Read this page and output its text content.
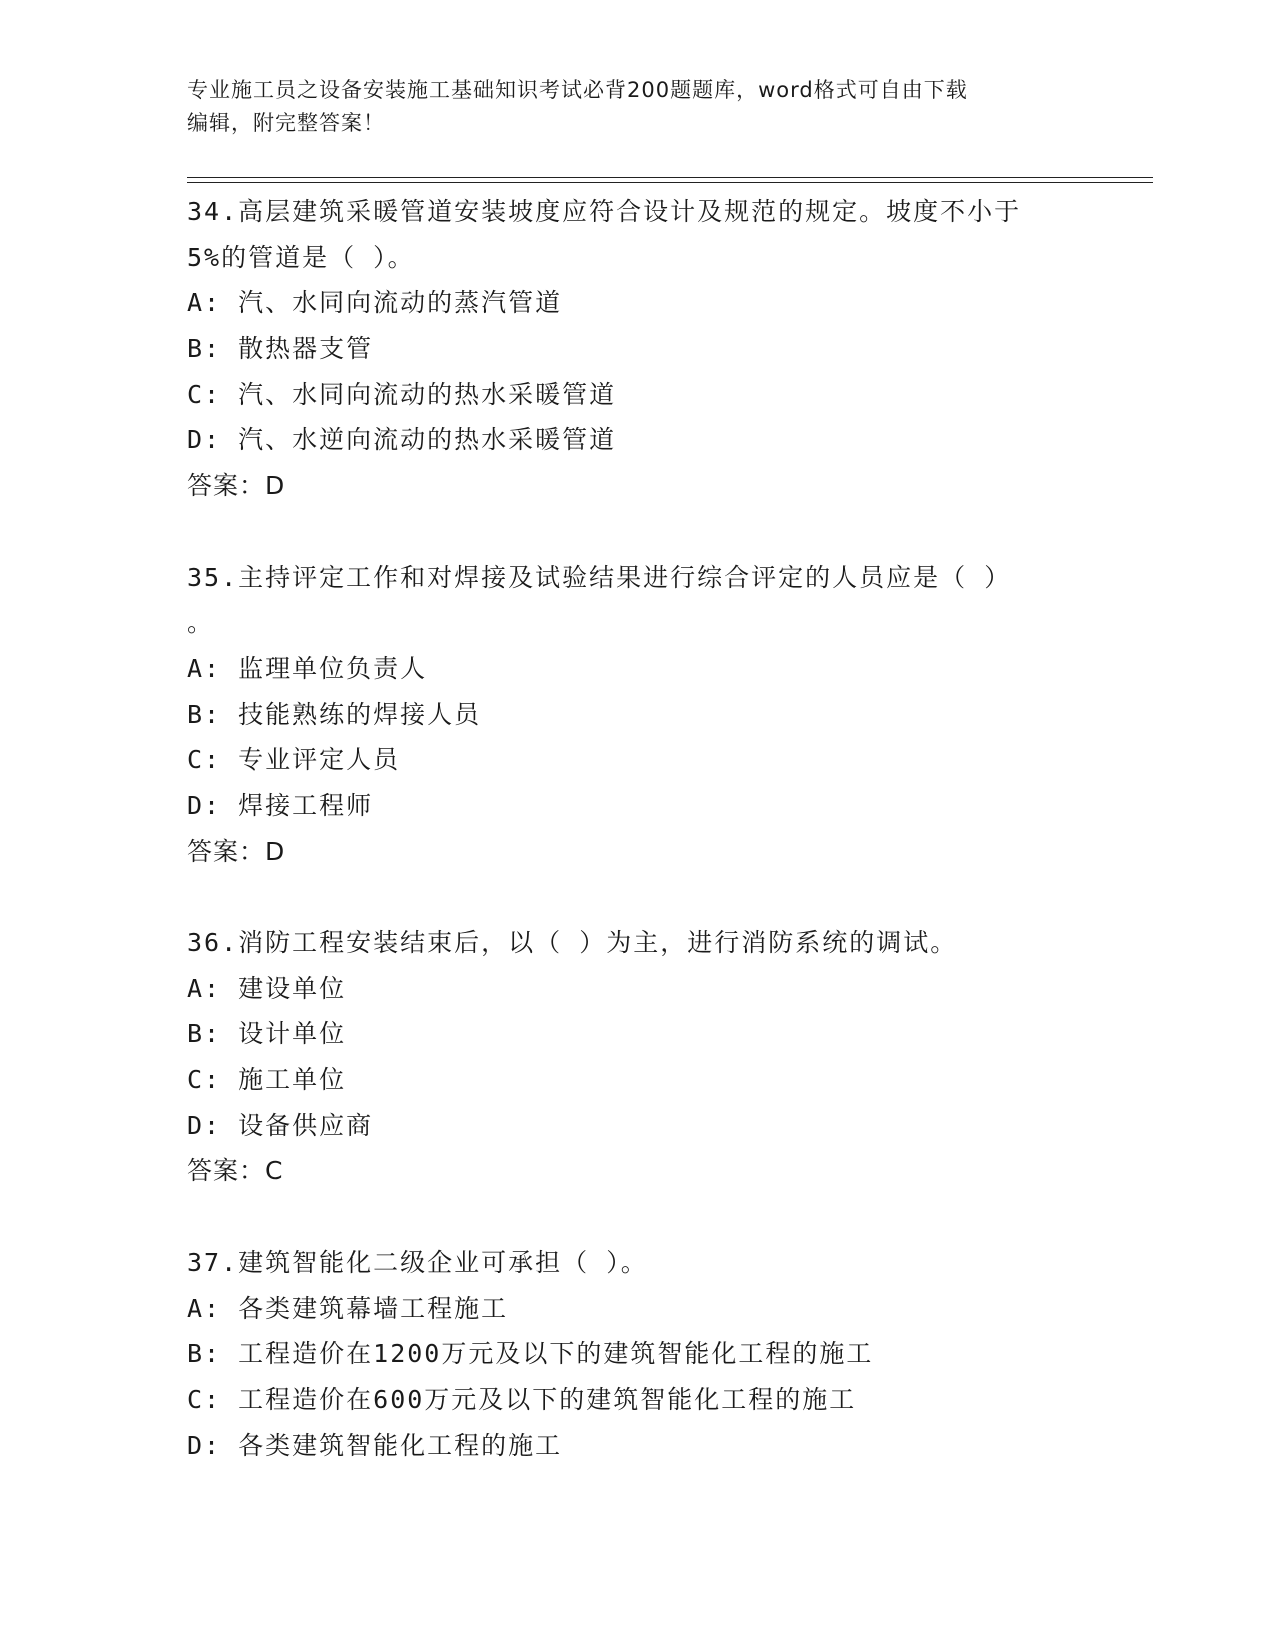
专业施工员之设备安装施工基础知识考试必背200题题库，word格式可自由下载
编辑，附完整答案！
34.高层建筑采暖管道安装坡度应符合设计及规范的规定。坡度不小于
5%的管道是（ ）。
A: 汽、水同向流动的蒸汽管道
B: 散热器支管
C: 汽、水同向流动的热水采暖管道
D: 汽、水逆向流动的热水采暖管道
答案：D
35.主持评定工作和对焊接及试验结果进行综合评定的人员应是（ ）
。
A: 监理单位负责人
B: 技能熟练的焊接人员
C: 专业评定人员
D: 焊接工程师
答案：D
36.消防工程安装结束后，以（ ）为主，进行消防系统的调试。
A: 建设单位
B: 设计单位
C: 施工单位
D: 设备供应商
答案：C
37.建筑智能化二级企业可承担（ ）。
A: 各类建筑幕墙工程施工
B: 工程造价在1200万元及以下的建筑智能化工程的施工
C: 工程造价在600万元及以下的建筑智能化工程的施工
D: 各类建筑智能化工程的施工
